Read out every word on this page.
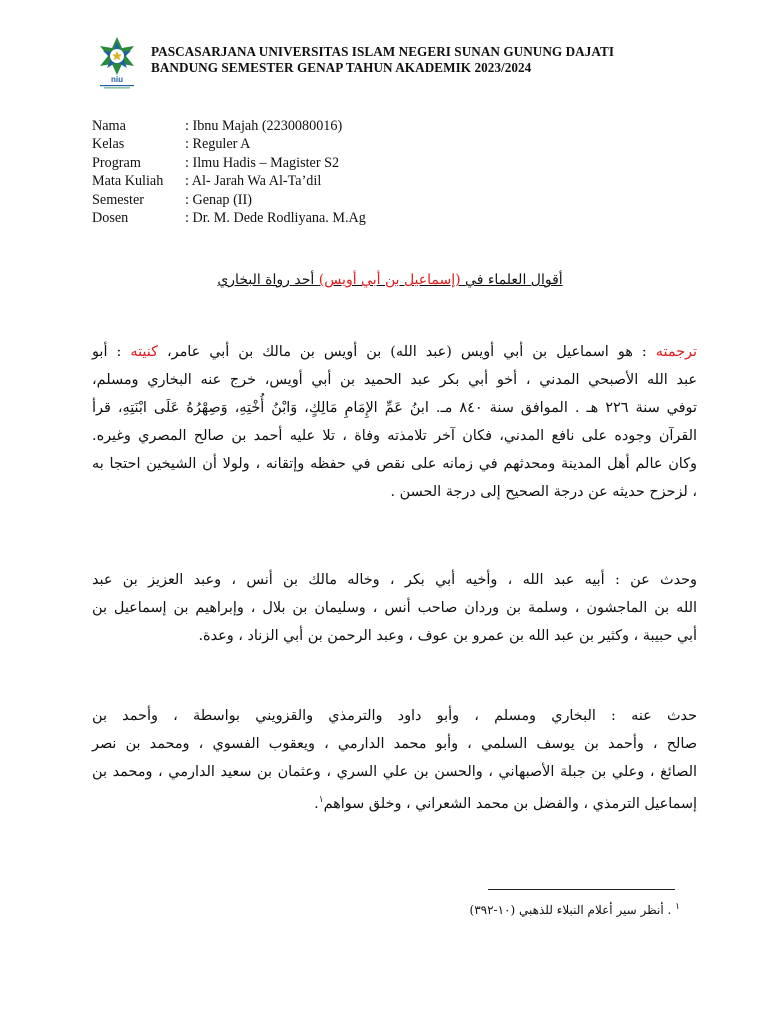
niu
PASCASARJANA UNIVERSITAS ISLAM NEGERI SUNAN GUNUNG DAJATI
BANDUNG SEMESTER GENAP TAHUN AKADEMIK 2023/2024
Nama	: Ibnu Majah (2230080016)
Kelas	: Reguler A
Program	: Ilmu Hadis – Magister S2
Mata Kuliah	: Al- Jarah Wa Al-Ta’dil
Semester	: Genap (II)
Dosen	: Dr. M. Dede Rodliyana. M.Ag
أقوال العلماء في (إسماعيل بن أبي أويس) أحد رواة البخاري
ترجمته : هو اسماعيل بن أبي أويس (عبد الله) بن أويس بن مالك بن أبي عامر، كنيته : أبو
عبد الله الأصبحي المدني ، أخو أبي بكر عبد الحميد بن أبي أويس، خرج عنه البخاري ومسلم،
توفي سنة ٢٢٦ هـ . الموافق سنة ٨٤٠ مـ. ابنُ عَمِّ الإِمَامِ مَالِكٍ، وَابْنُ أُخْتِهِ، وَصِهْرُهُ عَلَى ابْنَتِهِ، قرأ
القرآن وجوده على نافع المدني، فكان آخر تلامذته وفاة ، تلا عليه أحمد بن صالح المصري وغيره.
وكان عالم أهل المدينة ومحدثهم في زمانه على نقص في حفظه وإتقانه ، ولولا أن الشيخين احتجا به
، لزحزح حديثه عن درجة الصحيح إلى درجة الحسن .
وحدث عن : أبيه عبد الله ، وأخيه أبي بكر ، وخاله مالك بن أنس ، وعبد العزيز بن عبد
الله بن الماجشون ، وسلمة بن وردان صاحب أنس ، وسليمان بن بلال ، وإبراهيم بن إسماعيل بن
أبي حبيبة ، وكثير بن عبد الله بن عمرو بن عوف ، وعبد الرحمن بن أبي الزناد ، وعدة.
حدث عنه : البخاري ومسلم ، وأبو داود والترمذي والقزويني بواسطة ، وأحمد بن
صالح ، وأحمد بن يوسف السلمي ، وأبو محمد الدارمي ، ويعقوب الفسوي ، ومحمد بن نصر
الصائغ ، وعلي بن جبلة الأصبهاني ، والحسن بن علي السري ، وعثمان بن سعيد الدارمي ، ومحمد بن
إسماعيل الترمذي ، والفضل بن محمد الشعراني ، وخلق سواهم$^١$.
$^١$ . أنظر سير أعلام النبلاء للذهبي (١٠-٣٩٢)
